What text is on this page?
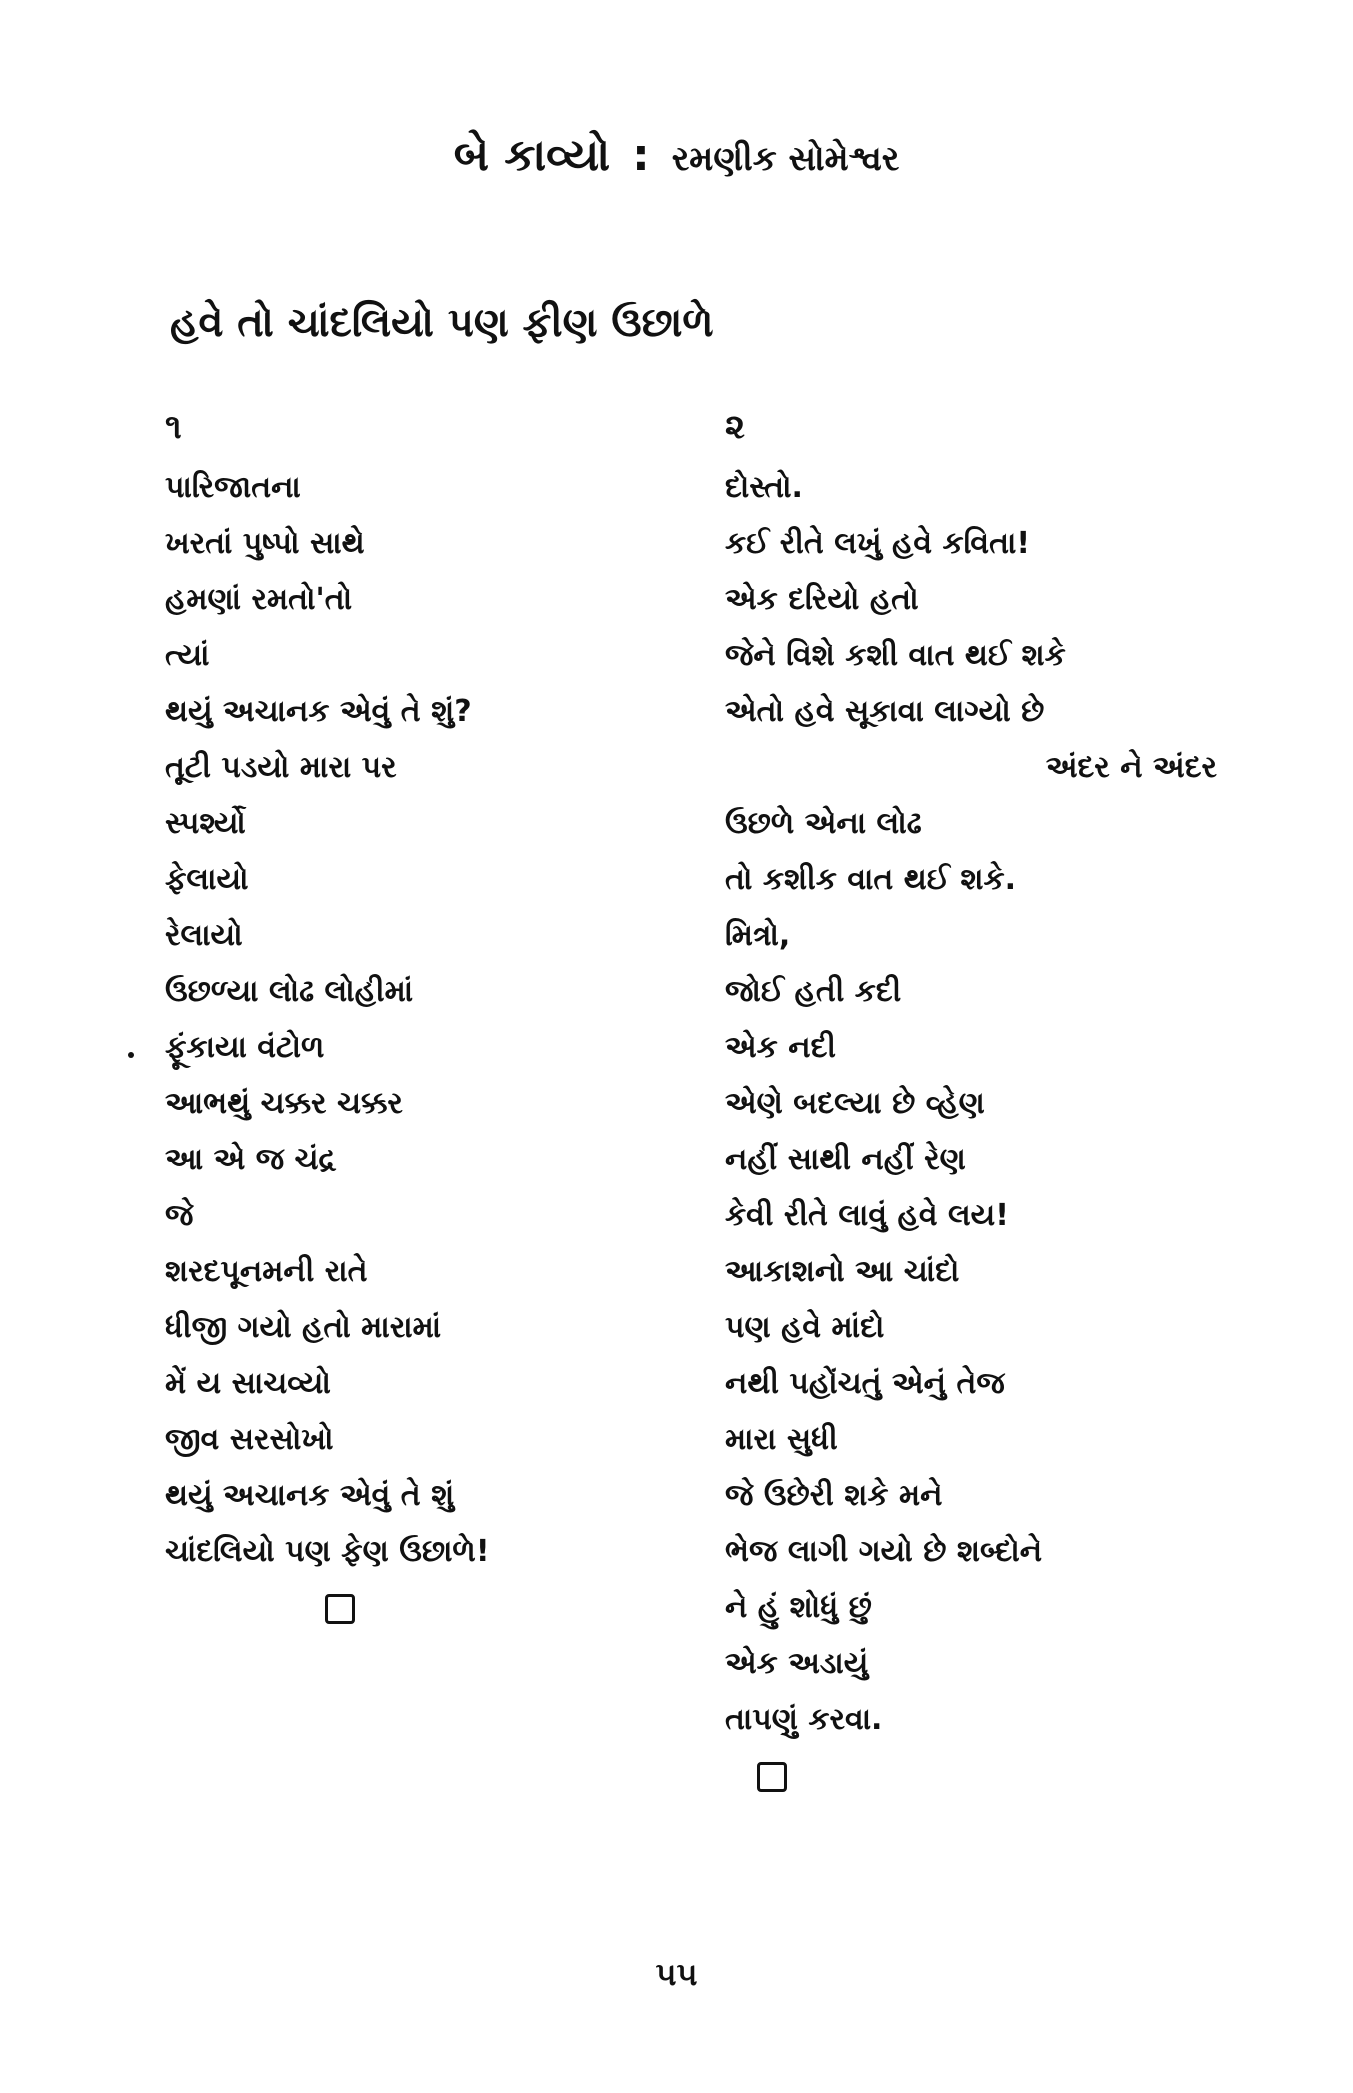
બે કાવ્યો : રમણીક સોમેશ્વર
હવે તો ચાંદલિયો પણ ફીણ ઉછાળે
૧
પારિજાતના
ખરતાં પુષ્પો સાથે
હમણાં રમતો'તો
ત્યાં
થયું અચાનક એવું તે શું?
તૂટી પડયો મારા પર
સ્પર્શ્યો
ફેલાયો
રેલાયો
ઉછળ્યા લોઢ લોહીમાં
ફૂંકાયા વંટોળ
આભથું ચક્કર ચક્કર
આ એ જ ચંદ્ર
જે
શરદપૂનમની રાતે
ધીજી ગયો હતો મારામાં
મેં ય સાચવ્યો
જીવ સરસોખો
થયું અચાનક એવું તે શું
ચાંદલિયો પણ ફેણ ઉછાળે!
૨
દોસ્તો.
કઈ રીતે લખું હવે કવિતા!
એક દરિયો હતો
જેને વિશે કશી વાત થઈ શકે
એતો હવે સૂકાવા લાગ્યો છે
અંદર ને અંદર
ઉછળે એના લોઢ
તો કશીક વાત થઈ શકે.
મિત્રો,
જોઈ હતી કદી
એક નદી
એણે બદલ્યા છે વ્હેણ
નહીં સાથી નહીં રેણ
કેવી રીતે લાવું હવે લય!
આકાશનો આ ચાંદો
પણ હવે માંદો
નથી પહોંચતું એનું તેજ
મારા સુધી
જે ઉછેરી શકે મને
ભેજ લાગી ગયો છે શબ્દોને
ને હું શોધું છું
એક અડાયું
તાપણું કરવા.
૫૫
